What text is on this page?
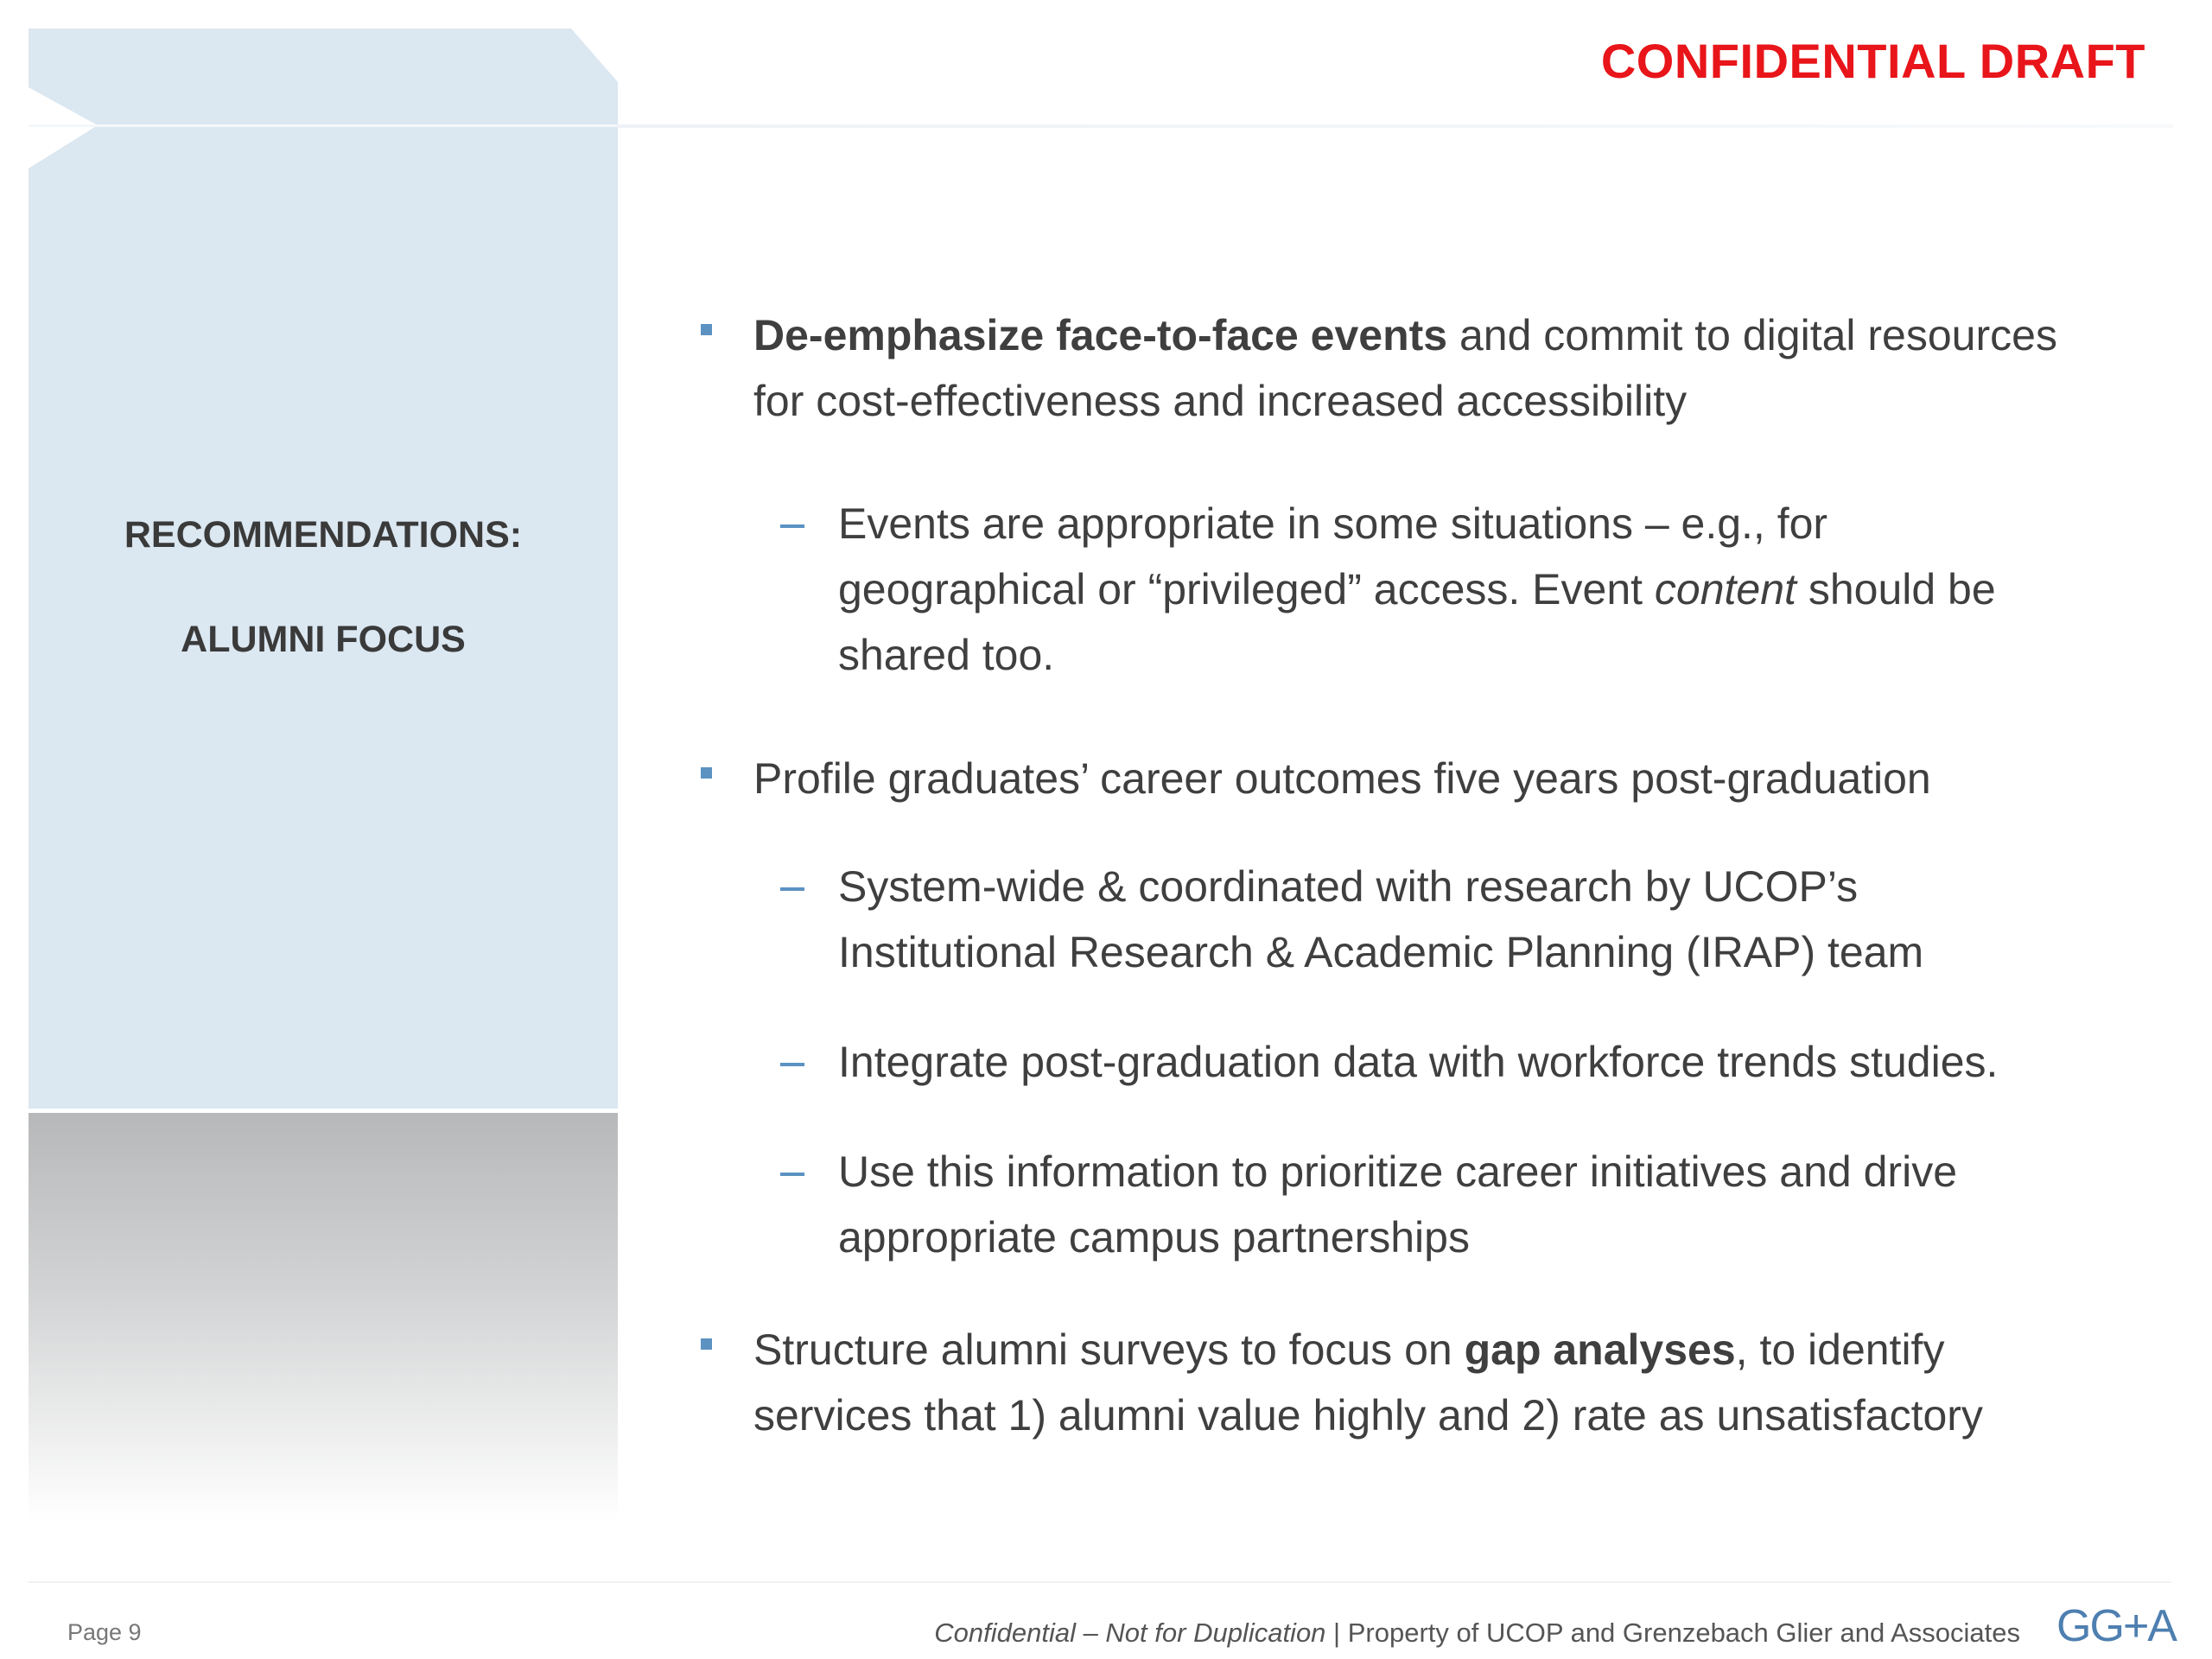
CONFIDENTIAL DRAFT
RECOMMENDATIONS:
ALUMNI FOCUS
De-emphasize face-to-face events and commit to digital resources
for cost-effectiveness and increased accessibility
Events are appropriate in some situations – e.g., for
geographical or “privileged” access. Event content should be
shared too.
Profile graduates’ career outcomes five years post-graduation
System-wide & coordinated with research by UCOP’s
Institutional Research & Academic Planning (IRAP) team
Integrate post-graduation data with workforce trends studies.
Use this information to prioritize career initiatives and drive
appropriate campus partnerships
Structure alumni surveys to focus on gap analyses, to identify
services that 1) alumni value highly and 2) rate as unsatisfactory
Page 9	Confidential – Not for Duplication | Property of UCOP and Grenzebach Glier and Associates GG+A
